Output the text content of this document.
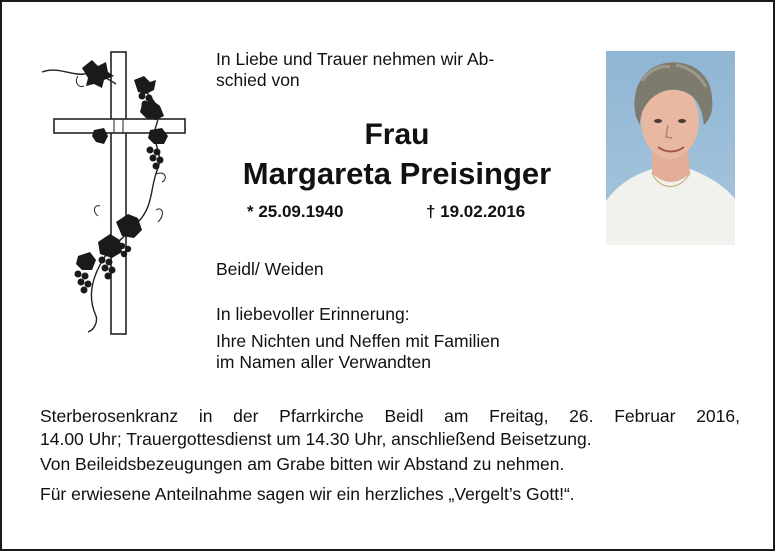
In Liebe und Trauer nehmen wir Ab-
schied von
Frau
Margareta Preisinger
* 25.09.1940	† 19.02.2016
Beidl/ Weiden
In liebevoller Erinnerung:
Ihre Nichten und Neffen mit Familien
im Namen aller Verwandten
Sterberosenkranz in der Pfarrkirche Beidl am Freitag, 26. Februar 2016,
14.00 Uhr; Trauergottesdienst um 14.30 Uhr, anschließend Beisetzung.
Von Beileidsbezeugungen am Grabe bitten wir Abstand zu nehmen.
Für erwiesene Anteilnahme sagen wir ein herzliches „Vergelt’s Gott!“.
